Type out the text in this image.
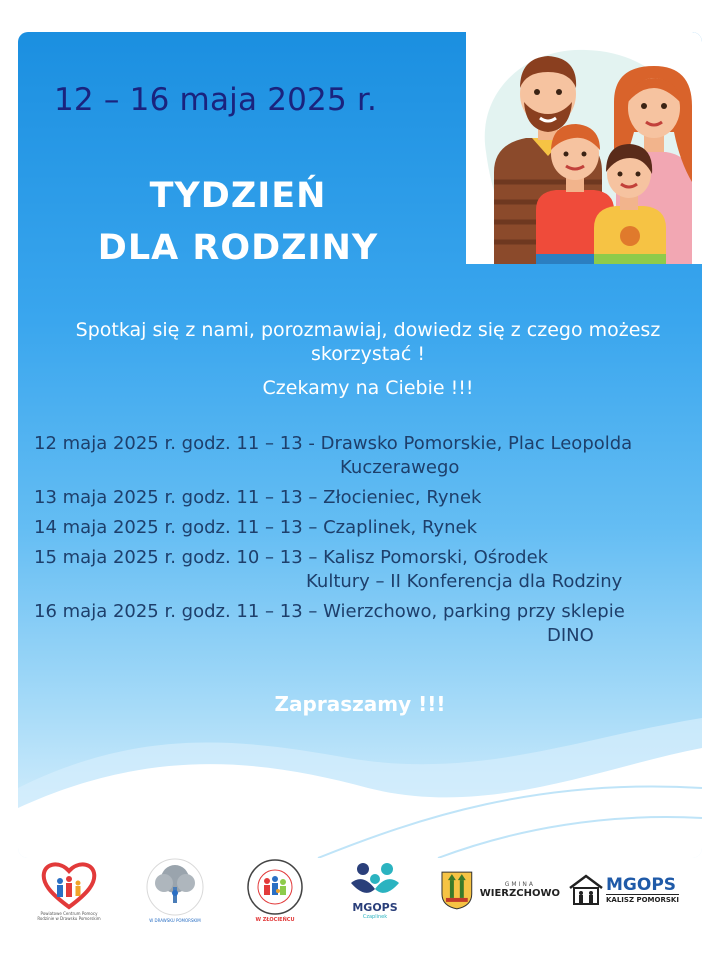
12 – 16 maja 2025 r.
TYDZIEŃ
DLA RODZINY
Spotkaj się z nami, porozmawiaj, dowiedz się z czego możesz skorzystać !
Czekamy na Ciebie !!!
12 maja 2025 r. godz. 11 – 13 - Drawsko Pomorskie, Plac Leopolda
Kuczerawego
13 maja 2025 r. godz. 11 – 13 – Złocieniec, Rynek
14 maja 2025 r. godz. 11 – 13 – Czaplinek, Rynek
15 maja 2025 r. godz. 10 – 13 – Kalisz Pomorski, Ośrodek
Kultury – II Konferencja dla Rodziny
16 maja 2025 r. godz. 11 – 13 – Wierzchowo, parking przy sklepie
DINO
Zapraszamy !!!
Powiatowe Centrum Pomocy Rodzinie w Drawsku Pomorskim	W DRAWSKU POMORSKIM	W ZŁOCIEŃCU
MGOPS
Czaplinek
GMINA
WIERZCHOWO	MGOPS
KALISZ POMORSKI
